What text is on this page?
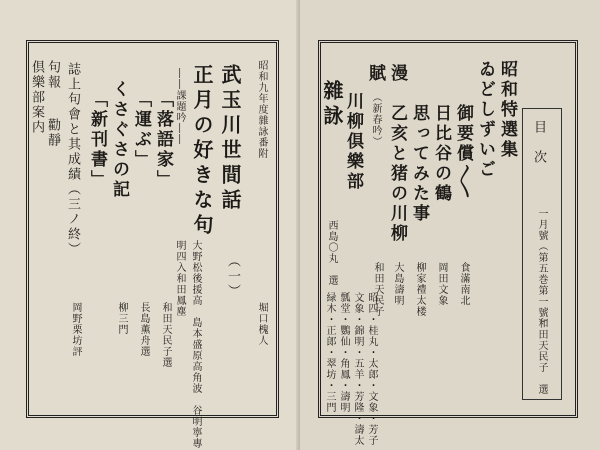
昭和九年度雜詠番附
堀口槐人
武玉川世間話
（一）
正月の好きな句
大野松後援高　島本盛原高角波　谷明寧專
明四入和田鳳塵
――課題吟――
「落語家」
和田天民子選
「運ぶ」
長島薫舟選
くさぐさの記
柳三門
「新刊書」
誌上句會と其成績（三ノ終）
岡野栗坊評
句報
勸靜
倶樂部案内
目　次
一月號（第五巻第一號）
和田天民子　選
昭和特選集
ゐどしずいご
御要償〳〵
食滿南北
日比谷の鶴
岡田文象
思ってみた事
柳家禮太楼
乙亥と猪の川柳
大島濤明
漫
賦
（新春吟）
和田天民子
川柳倶樂部
昭四・桂丸・太郎・文象・芳子
文象・錦明・五羊・芳隆・濤太
瓢堂・鸚仙・角鳳・濤明
緑木・正郎・翠坊・三門
雜詠
西島〇丸　選
